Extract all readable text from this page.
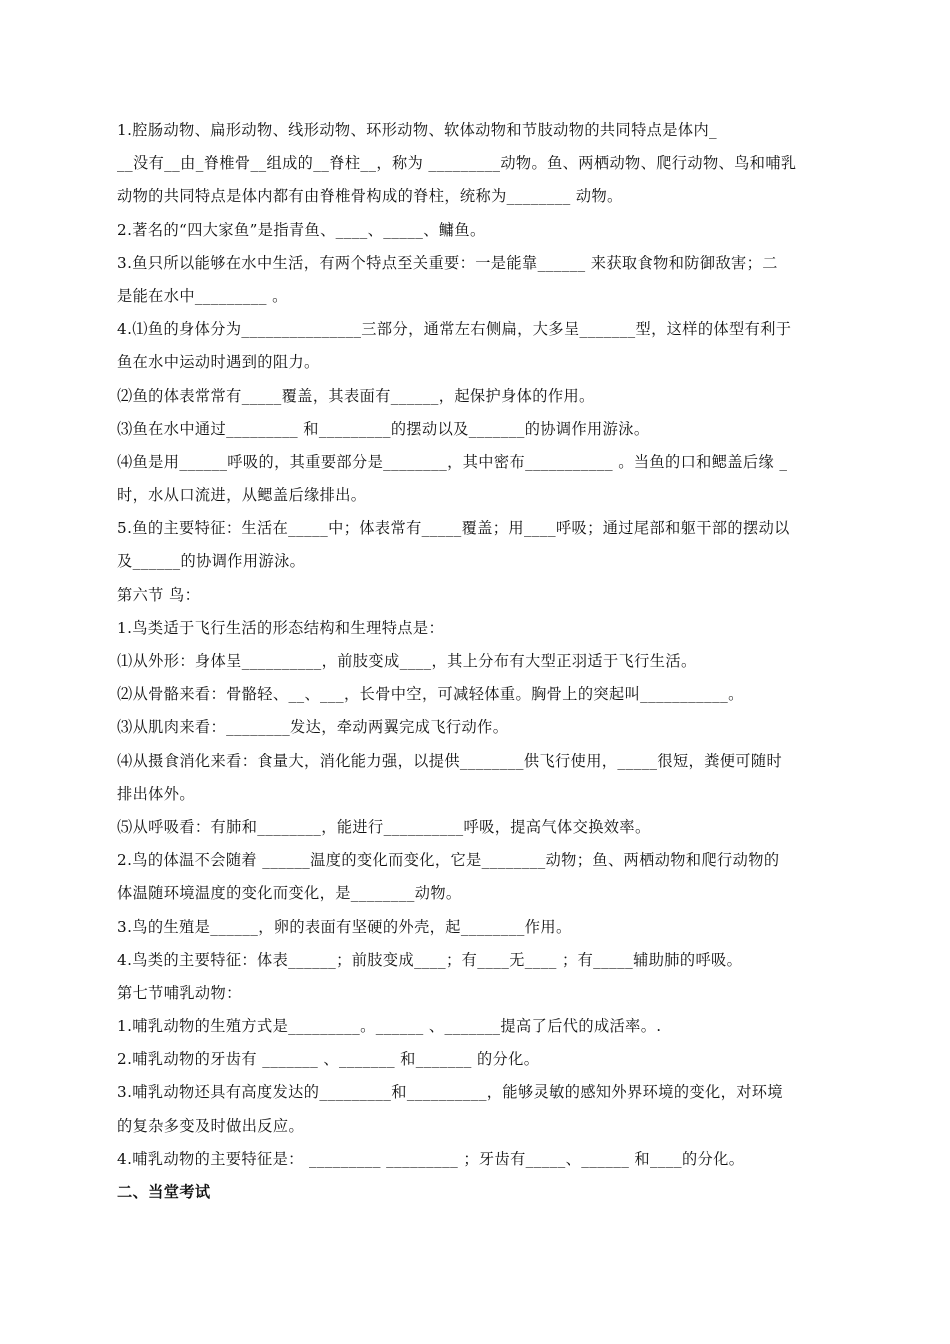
1.腔肠动物、扁形动物、线形动物、环形动物、软体动物和节肢动物的共同特点是体内_
__没有__由_脊椎骨__组成的__脊柱__，称为 _________动物。鱼、两栖动物、爬行动物、鸟和哺乳
动物的共同特点是体内都有由脊椎骨构成的脊柱，统称为________ 动物。
2.著名的“四大家鱼”是指青鱼、____、_____、鳙鱼。
3.鱼只所以能够在水中生活，有两个特点至关重要：一是能靠______ 来获取食物和防御敌害；二
是能在水中_________ 。
4.⑴鱼的身体分为_______________三部分，通常左右侧扁，大多呈_______型，这样的体型有利于
鱼在水中运动时遇到的阻力。
⑵鱼的体表常常有_____覆盖，其表面有______，起保护身体的作用。
⑶鱼在水中通过_________ 和_________的摆动以及_______的协调作用游泳。
⑷鱼是用______呼吸的，其重要部分是________，其中密布___________ 。当鱼的口和鳃盖后缘 _
时，水从口流进，从鳃盖后缘排出。
5.鱼的主要特征：生活在_____中；体表常有_____覆盖；用____呼吸；通过尾部和躯干部的摆动以
及______的协调作用游泳。
第六节 鸟：
1.鸟类适于飞行生活的形态结构和生理特点是：
⑴从外形：身体呈__________，前肢变成____，其上分布有大型正羽适于飞行生活。
⑵从骨骼来看：骨骼轻、__、___，长骨中空，可减轻体重。胸骨上的突起叫___________。
⑶从肌肉来看：________发达，牵动两翼完成飞行动作。
⑷从摄食消化来看：食量大，消化能力强，以提供________供飞行使用，_____很短，粪便可随时
排出体外。
⑸从呼吸看：有肺和________，能进行__________呼吸，提高气体交换效率。
2.鸟的体温不会随着 ______温度的变化而变化，它是________动物；鱼、两栖动物和爬行动物的
体温随环境温度的变化而变化，是________动物。
3.鸟的生殖是______，卵的表面有坚硬的外壳，起________作用。
4.鸟类的主要特征：体表______；前肢变成____；有____无____ ；有_____辅助肺的呼吸。
第七节哺乳动物：
1.哺乳动物的生殖方式是_________。______ 、_______提高了后代的成活率。.
2.哺乳动物的牙齿有 _______ 、_______ 和_______ 的分化。
3.哺乳动物还具有高度发达的_________和__________，能够灵敏的感知外界环境的变化，对环境
的复杂多变及时做出反应。
4.哺乳动物的主要特征是： _________ _________ ；牙齿有_____、______ 和____的分化。
二、当堂考试
